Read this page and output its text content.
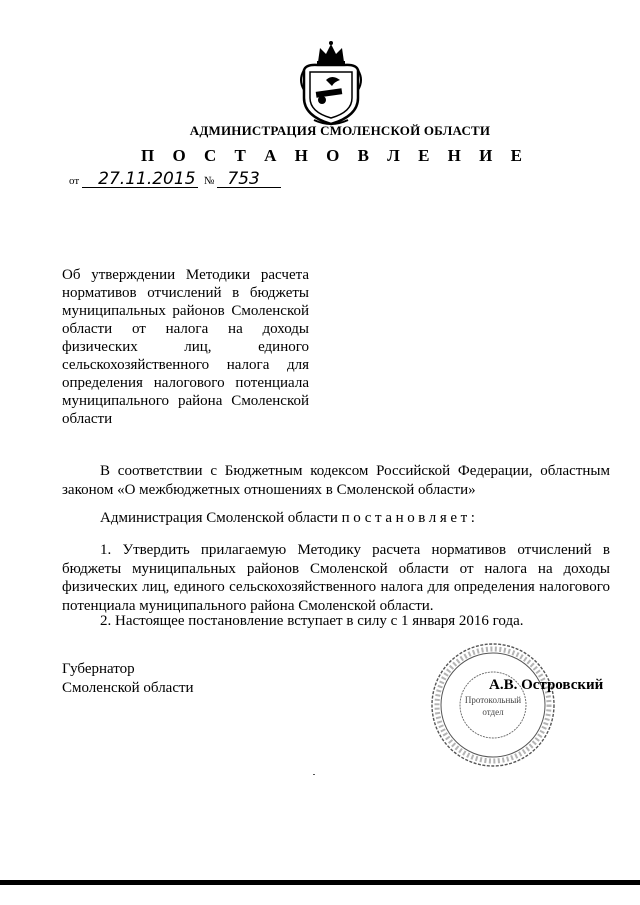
АДМИНИСТРАЦИЯ СМОЛЕНСКОЙ ОБЛАСТИ
П О С Т А Н О В Л Е Н И Е
от 27.11.2015 № 753
Об утверждении Методики расчета
нормативов отчислений в бюджеты
муниципальных районов Смоленской
области от налога на доходы
физических лиц, единого
сельскохозяйственного налога для
определения налогового потенциала
муниципального района Смоленской
области
В соответствии с Бюджетным кодексом Российской Федерации, областным
законом «О межбюджетных отношениях в Смоленской области»
Администрация Смоленской области постановляет:
1. Утвердить прилагаемую Методику расчета нормативов отчислений в
бюджеты муниципальных районов Смоленской области от налога на доходы
физических лиц, единого сельскохозяйственного налога для определения налогового
потенциала муниципального района Смоленской области.
2. Настоящее постановление вступает в силу с 1 января 2016 года.
Губернатор
Смоленской области
Протокольный
отдел
А.В. Островский
